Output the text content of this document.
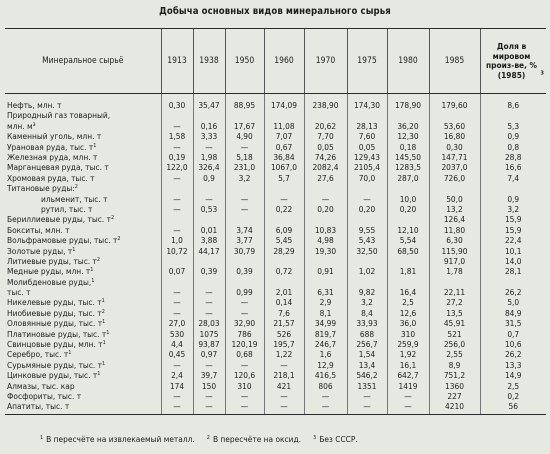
Добыча основных видов минерального сырья
Минеральное сырьё	1913	1938	1950	1960	1970	1975	1980	1985	Доля в мировом произ-ве, % (1985) $^3$
Нефть, млн. т	0,30	35,47	88,95	174,09	238,90	174,30	178,90	179,60	8,6
Природный газ товарный,									
млн. м³	—	0,16	17,67	11,08	20,62	28,13	36,20	53,60	5,3
Каменный уголь, млн. т	1,58	3,33	4,90	7,07	7,70	7,60	12,30	16,80	0,9
Урановая руда, тыс. $т^1$	—	—	—	0,67	0,05	0,05	0,18	0,30	0,8
Железная руда, млн. т	0,19	1,98	5,18	36,84	74,26	129,43	145,50	147,71	28,8
Марганцевая руда, тыс. т	122,0	326,4	231,0	1067,0	2082,4	2105,4	1283,5	2037,0	16,6
Хромовая руда, тыс. т	—	0,9	3,2	5,7	27,6	70,0	287,0	726,0	7,4
Титановые руды:$^2$									
ильменит, тыс. т	—	—	—	—	—	—	10,0	50,0	0,9
рутил, тыс. т	—	0,53	—	0,22	0,20	0,20	0,20	13,2	3,2
Бериллиевые руды, тыс. $т^2$								126,4	15,9
Бокситы, млн. т	—	0,01	3,74	6,09	10,83	9,55	12,10	11,80	15,9
Вольфрамовые руды, тыс. $т^2$	1,0	3,88	3,77	5,45	4,98	5,43	5,54	6,30	22,4
Золотые руды, $т^1$	10,72	44,17	30,79	28,29	19,30	32,50	68,50	115,90	10,1
Литиевые руды, тыс. $т^2$								917,0	14,0
Медные руды, млн. $т^1$	0,07	0,39	0,39	0,72	0,91	1,02	1,81	1,78	28,1
Молибденовые руды,$^1$									
тыс. т	—	—	0,99	2,01	6,31	9,82	16,4	22,11	26,2
Никелевые руды, тыс. $т^1$	—	—	—	0,14	2,9	3,2	2,5	27,2	5,0
Ниобиевые руды, тыс. $т^2$	—	—	—	7,6	8,1	8,4	12,6	13,5	84,9
Оловянные руды, тыс. $т^1$	27,0	28,03	32,90	21,57	34,99	33,93	36,0	45,91	31,5
Платиновые руды, тыс. $т^1$	530	1075	786	526	819,7	688	310	521	0,7
Свинцовые руды, млн. $т^1$	4,4	93,87	120,19	195,7	246,7	256,7	259,9	256,0	10,6
Серебро, тыс. $т^1$	0,45	0,97	0,68	1,22	1,6	1,54	1,92	2,55	26,2
Сурьмяные руды, тыс. $т^1$	—	—	—	—	12,9	13,4	16,1	8,9	13,3
Цинковые руды, тыс. $т^1$	2,4	39,7	120,6	218,1	416,5	546,2	642,7	751,2	14,9
Алмазы, тыс. кар	174	150	310	421	806	1351	1419	1360	2,5
Фосфориты, тыс. т	—	—	—	—	—	—	—	227	0,2
Апатиты, тыс. т	—	—	—	—	—	—	—	4210	56
$^1$ В пересчёте на извлекаемый металл. $^2$ В пересчёте на оксид. $^3$ Без СССР.
